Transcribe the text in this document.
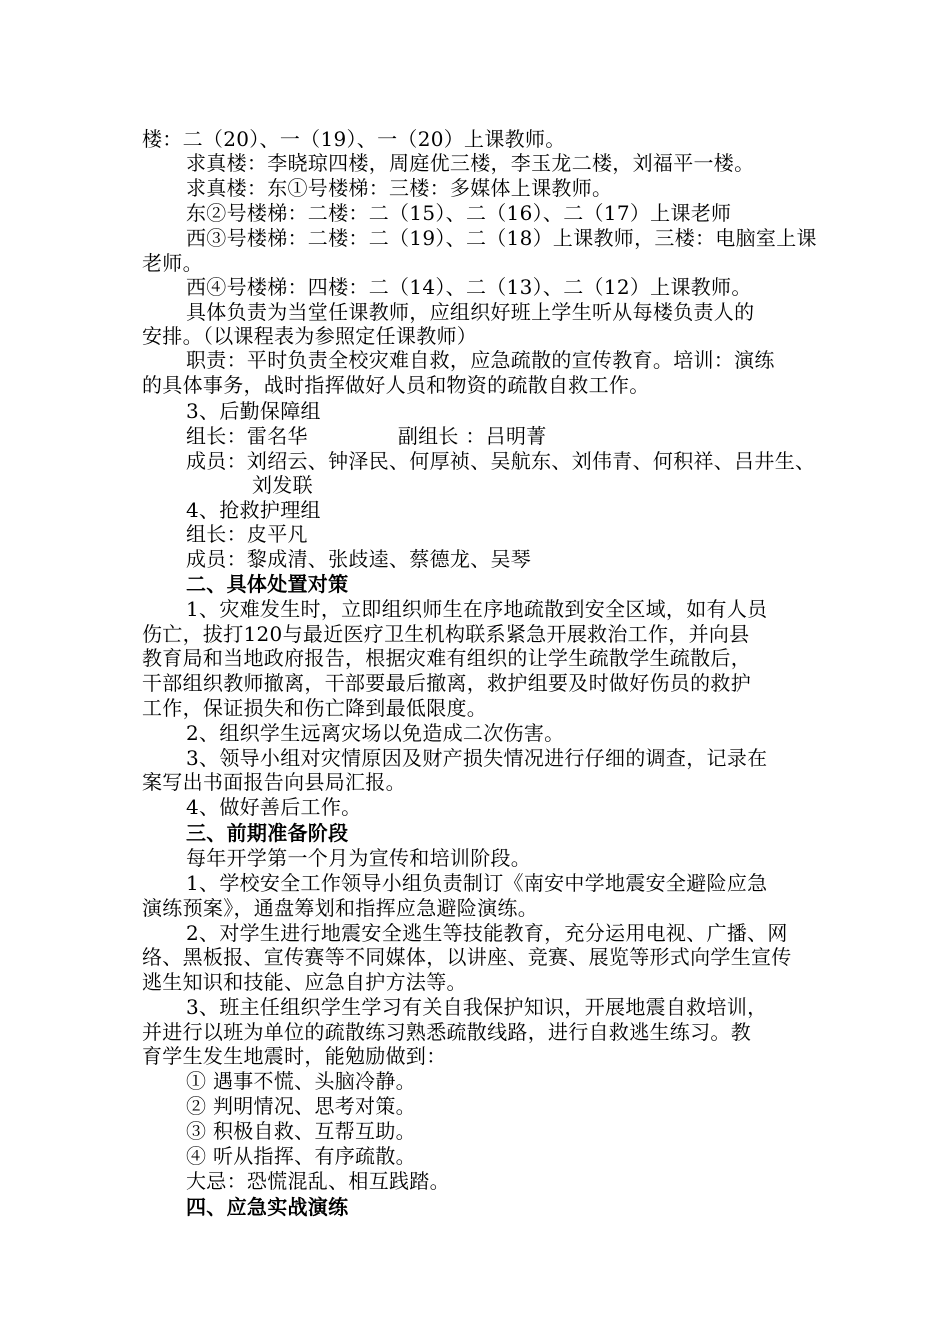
楼：二（20）、一（19）、一（20）上课教师。
求真楼：李晓琼四楼，周庭优三楼，李玉龙二楼，刘福平一楼。
求真楼：东①号楼梯：三楼：多媒体上课教师。
东②号楼梯：二楼：二（15）、二（16）、二（17）上课老师
西③号楼梯：二楼：二（19）、二（18）上课教师，三楼：电脑室上课
老师。
西④号楼梯：四楼：二（14）、二（13）、二（12）上课教师。
具体负责为当堂任课教师，应组织好班上学生听从每楼负责人的
安排。（以课程表为参照定任课教师）
职责：平时负责全校灾难自救，应急疏散的宣传教育。培训：演练
的具体事务，战时指挥做好人员和物资的疏散自救工作。
3、后勤保障组
组长：雷名华	副组长 ：吕明菁
成员：刘绍云、钟泽民、何厚祯、吴航东、刘伟青、何积祥、吕井生、
刘发联
4、抢救护理组
组长：皮平凡
成员：黎成清、张歧逵、蔡德龙、吴琴
二、具体处置对策
1、灾难发生时，立即组织师生在序地疏散到安全区域，如有人员
伤亡，拔打120与最近医疗卫生机构联系紧急开展救治工作，并向县
教育局和当地政府报告，根据灾难有组织的让学生疏散学生疏散后，
干部组织教师撤离，干部要最后撤离，救护组要及时做好伤员的救护
工作，保证损失和伤亡降到最低限度。
2、组织学生远离灾场以免造成二次伤害。
3、领导小组对灾情原因及财产损失情况进行仔细的调查，记录在
案写出书面报告向县局汇报。
4、做好善后工作。
三、前期准备阶段
每年开学第一个月为宣传和培训阶段。
1、学校安全工作领导小组负责制订《南安中学地震安全避险应急
演练预案》，通盘筹划和指挥应急避险演练。
2、对学生进行地震安全逃生等技能教育，充分运用电视、广播、网
络、黑板报、宣传赛等不同媒体，以讲座、竞赛、展览等形式向学生宣传
逃生知识和技能、应急自护方法等。
3、班主任组织学生学习有关自我保护知识，开展地震自救培训，
并进行以班为单位的疏散练习熟悉疏散线路，进行自救逃生练习。教
育学生发生地震时，能勉励做到：
① 遇事不慌、头脑冷静。
② 判明情况、思考对策。
③ 积极自救、互帮互助。
④ 听从指挥、有序疏散。
大忌：恐慌混乱、相互践踏。
四、应急实战演练
